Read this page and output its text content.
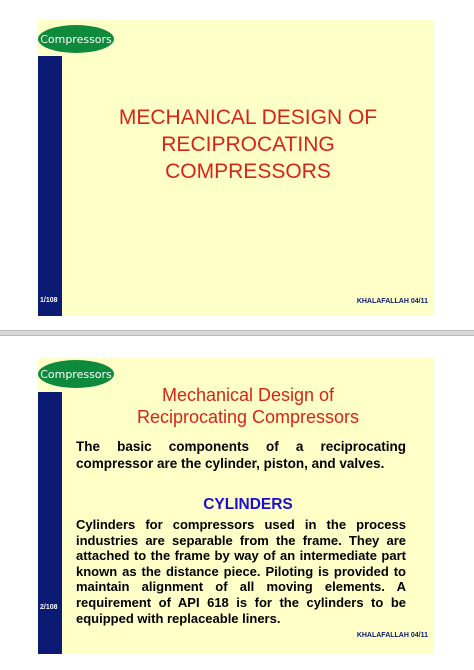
Compressors
MECHANICAL DESIGN OF
RECIPROCATING
COMPRESSORS
1/108	KHALAFALLAH 04/11
Compressors
Mechanical Design of
Reciprocating Compressors
The basic components of a reciprocating compressor are the cylinder, piston, and valves.
CYLINDERS
Cylinders for compressors used in the process industries are separable from the frame. They are attached to the frame by way of an intermediate part known as the distance piece. Piloting is provided to maintain alignment of all moving elements. A requirement of API 618 is for the cylinders to be equipped with replaceable liners.
2/108
KHALAFALLAH 04/11
